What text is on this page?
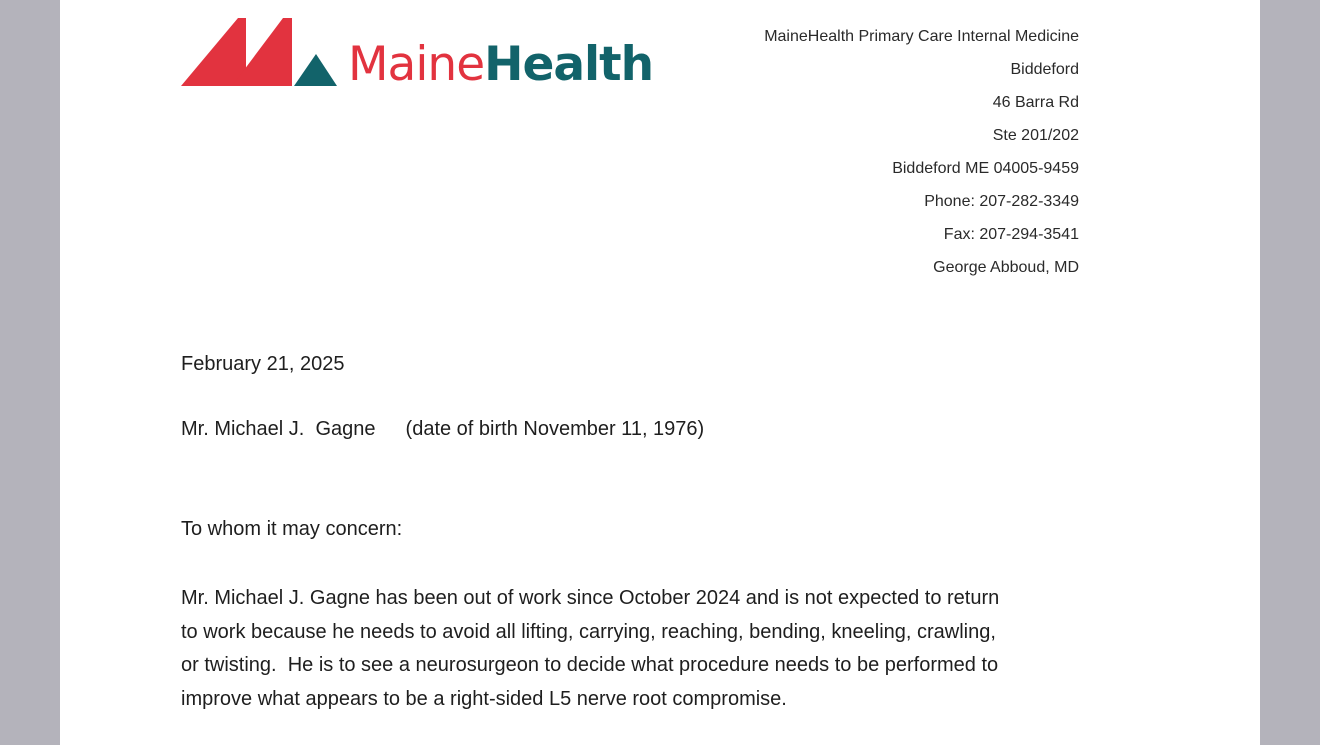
MaineHealth
MaineHealth Primary Care Internal Medicine
Biddeford
46 Barra Rd
Ste 201/202
Biddeford ME 04005-9459
Phone: 207-282-3349
Fax: 207-294-3541
George Abboud, MD
February 21, 2025
Mr. Michael J.  Gagne (date of birth November 11, 1976)
To whom it may concern:
Mr. Michael J. Gagne has been out of work since October 2024 and is not expected to return
to work because he needs to avoid all lifting, carrying, reaching, bending, kneeling, crawling,
or twisting.  He is to see a neurosurgeon to decide what procedure needs to be performed to
improve what appears to be a right-sided L5 nerve root compromise.
